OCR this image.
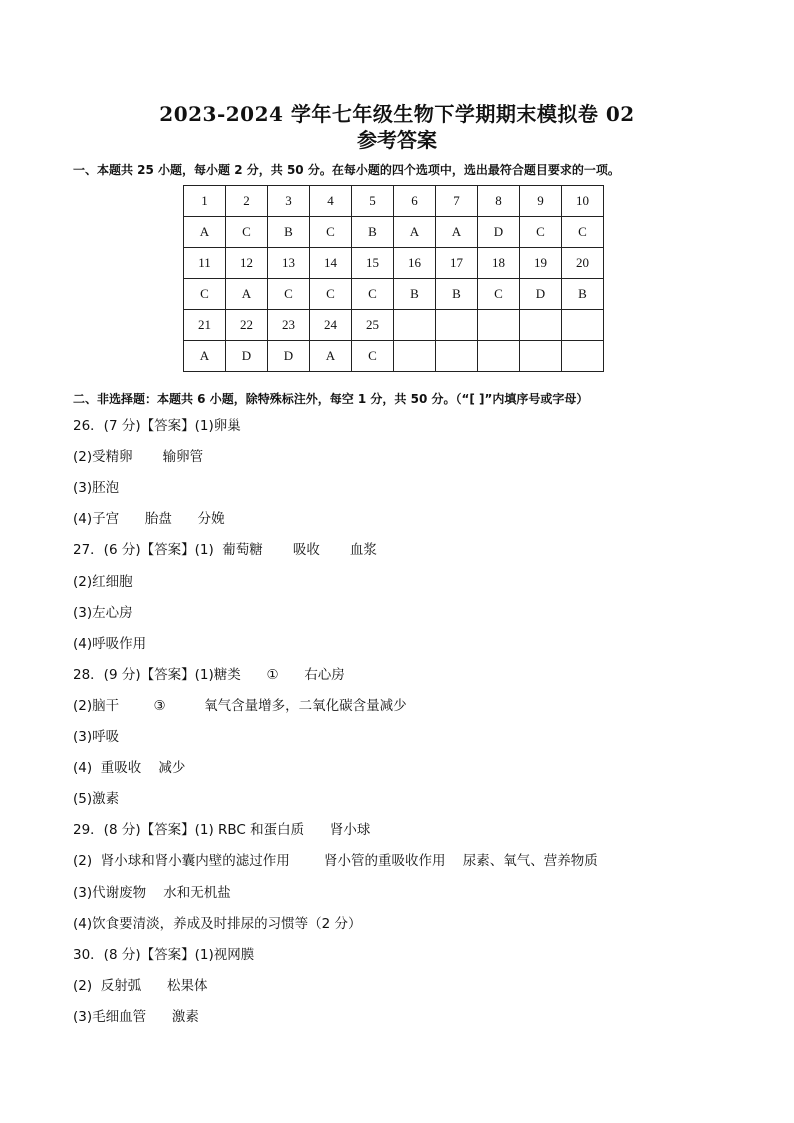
2023-2024 学年七年级生物下学期期末模拟卷 02
参考答案
一、本题共 25 小题，每小题 2 分，共 50 分。在每小题的四个选项中，选出最符合题目要求的一项。
1	2	3	4	5	6	7	8	9	10
A	C	B	C	B	A	A	D	C	C
11	12	13	14	15	16	17	18	19	20
C	A	C	C	C	B	B	C	D	B
21	22	23	24	25					
A	D	D	A	C					
二、非选择题：本题共 6 小题，除特殊标注外，每空 1 分，共 50 分。（“[ ]”内填序号或字母）
26．(7 分)【答案】(1)卵巢
(2)受精卵       输卵管
(3)胚泡
(4)子宫      胎盘      分娩
27．(6 分)【答案】(1)  葡萄糖       吸收       血浆
(2)红细胞
(3)左心房
(4)呼吸作用
28．(9 分)【答案】(1)糖类      ①      右心房
(2)脑干        ③         氧气含量增多，二氧化碳含量减少
(3)呼吸
(4)  重吸收    减少
(5)激素
29．(8 分)【答案】(1) RBC 和蛋白质      肾小球
(2)  肾小球和肾小囊内壁的滤过作用        肾小管的重吸收作用    尿素、氧气、营养物质
(3)代谢废物    水和无机盐
(4)饮食要清淡，养成及时排尿的习惯等（2 分）
30．(8 分)【答案】(1)视网膜
(2)  反射弧      松果体
(3)毛细血管      激素
